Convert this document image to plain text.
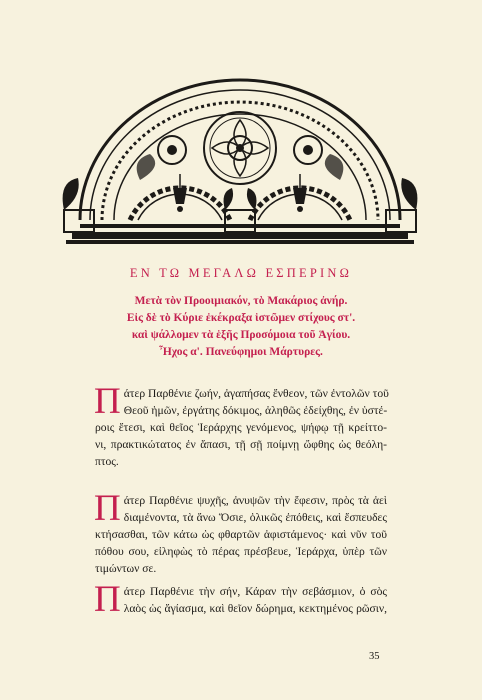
ΕΝ ΤΩ ΜΕΓΑΛΩ ΕΣΠΕΡΙΝΩ
Μετὰ τὸν Προοιμιακόν, τὸ Μακάριος ἀνήρ.
Εἰς δὲ τὸ Κύριε ἐκέκραξα ἱστῶμεν στίχους στ'.
καὶ ψάλλομεν τὰ ἑξῆς Προσόμοια τοῦ Ἁγίου.
Ἦχος α'. Πανεύφημοι Μάρτυρες.
Π άτερ Παρθένιε ζωήν, ἀγαπήσας ἔνθεον, τῶν ἐντολῶν τοῦ
Θεοῦ ἡμῶν, ἐργάτης δόκιμος, ἀληθῶς ἐδείχθης, ἐν ὑστέ-
ροις ἔτεσι, καὶ θεῖος Ἱεράρχης γενόμενος, ψήφῳ τῇ κρείττο-
νι, πρακτικώτατος ἐν ἅπασι, τῇ σῇ ποίμνῃ ὤφθης ὡς θεόλη-
πτος.
Π άτερ Παρθένιε ψυχῆς, ἀνυψῶν τὴν ἔφεσιν, πρὸς τὰ ἀεὶ
διαμένοντα, τὰ ἄνω Ὅσιε, ὁλικῶς ἐπόθεις, καὶ ἔσπευδες
κτήσασθαι, τῶν κάτω ὡς φθαρτῶν ἀφιστάμενος· καὶ νῦν τοῦ
πόθου σου, εἰληφὼς τὸ πέρας πρέσβευε, Ἱεράρχα, ὑπὲρ τῶν
τιμώντων σε.
Π άτερ Παρθένιε τὴν σήν, Κάραν τὴν σεβάσμιον, ὁ σὸς
λαὸς ὡς ἅγίασμα, καὶ θεῖον δώρημα, κεκτημένος ρῶσιν,
35
